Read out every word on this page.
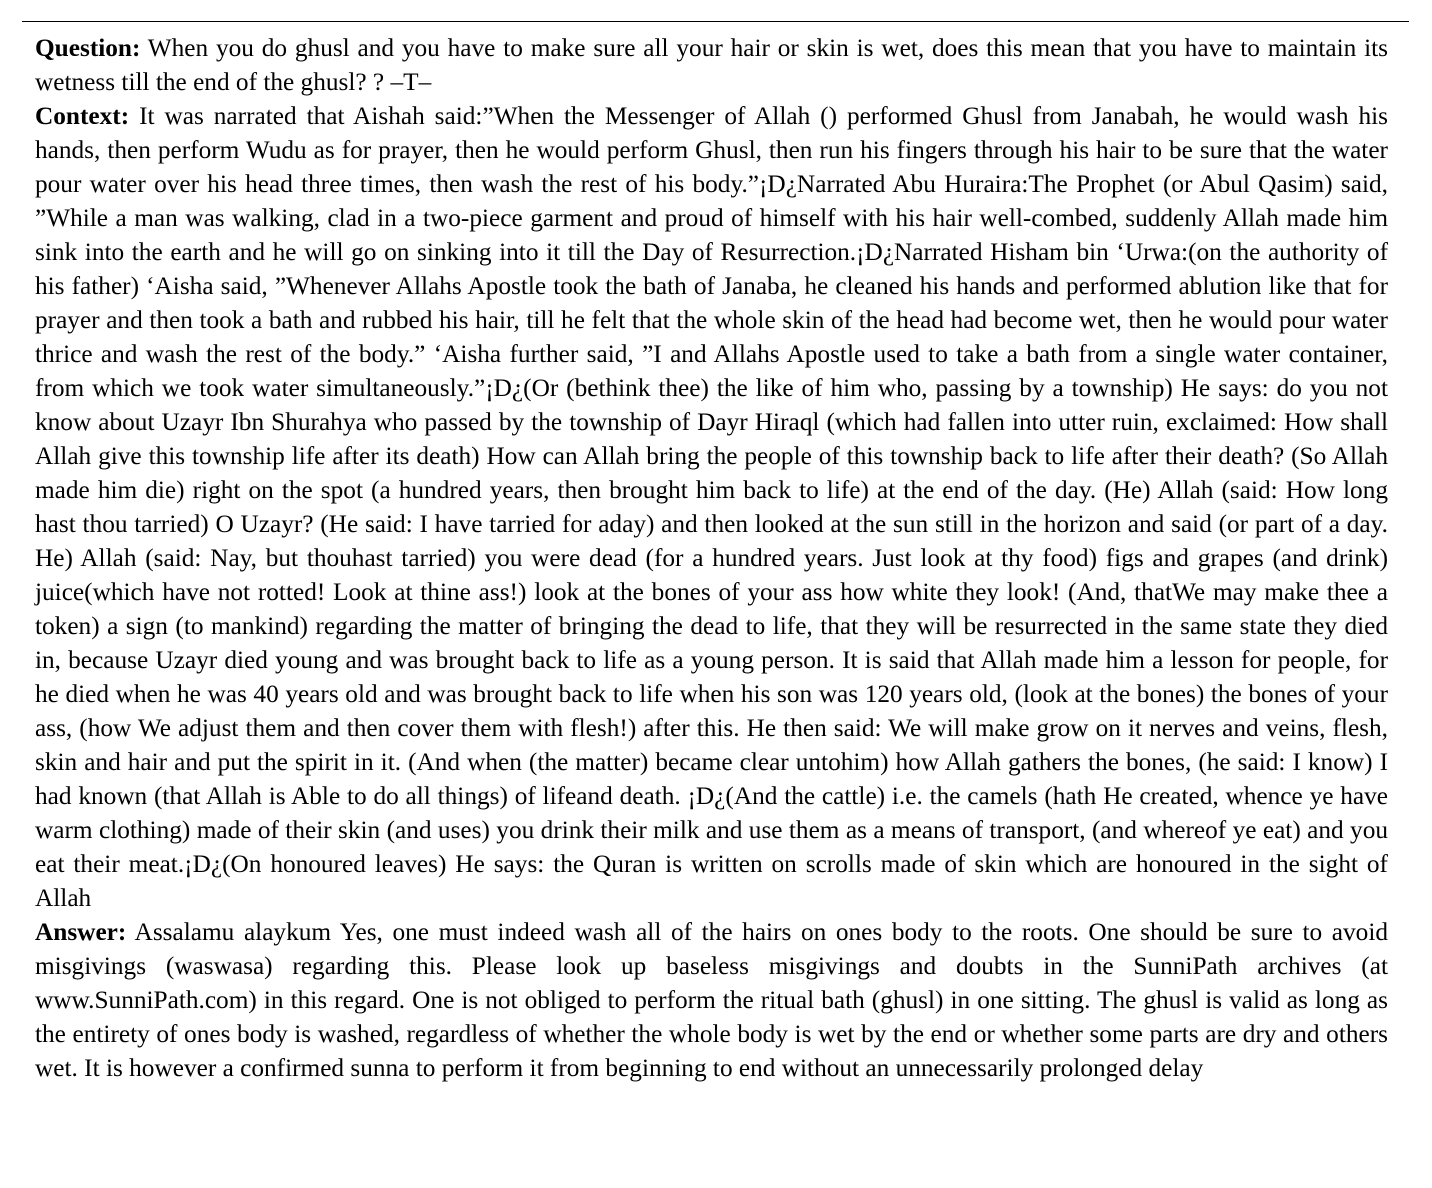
Question: When you do ghusl and you have to make sure all your hair or skin is wet, does this mean that you have to maintain its wetness till the end of the ghusl? ? –T–

Context: It was narrated that Aishah said:”When the Messenger of Allah () performed Ghusl from Janabah, he would wash his hands, then perform Wudu as for prayer, then he would perform Ghusl, then run his fingers through his hair to be sure that the water pour water over his head three times, then wash the rest of his body.”¡D¿Narrated Abu Huraira:The Prophet (or Abul Qasim) said, ”While a man was walking, clad in a two-piece garment and proud of himself with his hair well-combed, suddenly Allah made him sink into the earth and he will go on sinking into it till the Day of Resurrection.¡D¿Narrated Hisham bin ‘Urwa:(on the authority of his father) ‘Aisha said, ”Whenever Allahs Apostle took the bath of Janaba, he cleaned his hands and performed ablution like that for prayer and then took a bath and rubbed his hair, till he felt that the whole skin of the head had become wet, then he would pour water thrice and wash the rest of the body.” ‘Aisha further said, ”I and Allahs Apostle used to take a bath from a single water container, from which we took water simultaneously.”¡D¿(Or (bethink thee) the like of him who, passing by a township) He says: do you not know about Uzayr Ibn Shurahya who passed by the township of Dayr Hiraql (which had fallen into utter ruin, exclaimed: How shall Allah give this township life after its death) How can Allah bring the people of this township back to life after their death? (So Allah made him die) right on the spot (a hundred years, then brought him back to life) at the end of the day. (He) Allah (said: How long hast thou tarried) O Uzayr? (He said: I have tarried for aday) and then looked at the sun still in the horizon and said (or part of a day. He) Allah (said: Nay, but thouhast tarried) you were dead (for a hundred years. Just look at thy food) figs and grapes (and drink) juice(which have not rotted! Look at thine ass!) look at the bones of your ass how white they look! (And, thatWe may make thee a token) a sign (to mankind) regarding the matter of bringing the dead to life, that they will be resurrected in the same state they died in, because Uzayr died young and was brought back to life as a young person. It is said that Allah made him a lesson for people, for he died when he was 40 years old and was brought back to life when his son was 120 years old, (look at the bones) the bones of your ass, (how We adjust them and then cover them with flesh!) after this. He then said: We will make grow on it nerves and veins, flesh, skin and hair and put the spirit in it. (And when (the matter) became clear untohim) how Allah gathers the bones, (he said: I know) I had known (that Allah is Able to do all things) of lifeand death. ¡D¿(And the cattle) i.e. the camels (hath He created, whence ye have warm clothing) made of their skin (and uses) you drink their milk and use them as a means of transport, (and whereof ye eat) and you eat their meat.¡D¿(On honoured leaves) He says: the Quran is written on scrolls made of skin which are honoured in the sight of Allah

Answer: Assalamu alaykum Yes, one must indeed wash all of the hairs on ones body to the roots. One should be sure to avoid misgivings (waswasa) regarding this. Please look up baseless misgivings and doubts in the SunniPath archives (at www.SunniPath.com) in this regard. One is not obliged to perform the ritual bath (ghusl) in one sitting. The ghusl is valid as long as the entirety of ones body is washed, regardless of whether the whole body is wet by the end or whether some parts are dry and others wet. It is however a confirmed sunna to perform it from beginning to end without an unnecessarily prolonged delay
